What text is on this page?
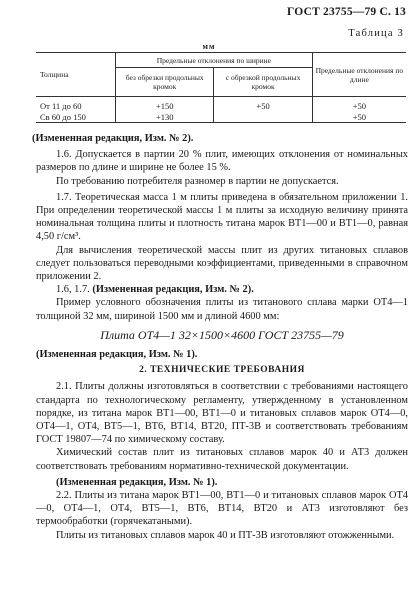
ГОСТ 23755—79 С. 13
Таблица 3
мм
Толщина	Предельные отклонения по ширине		Предельные отклонения по длине
	без обрезки продольных кромок	с обрезкой продольных кромок	
От 11 до 60	+150	+50	+50
Св 60 до 150	+130		+50

(Измененная редакция, Изм. № 2).

1.6. Допускается в партии 20 % плит, имеющих отклонения от номинальных размеров по длине и ширине не более 15 %.

По требованию потребителя разномер в партии не допускается.

1.7. Теоретическая масса 1 м плиты приведена в обязательном приложении 1. При определении теоретической массы 1 м плиты за исходную величину принята номинальная толщина плиты и плотность титана марок ВТ1—00 и ВТ1—0, равная 4,50 г/см³.

Для вычисления теоретической массы плит из других титановых сплавов следует пользоваться переводными коэффициентами, приведенными в справочном приложении 2.

1.6, 1.7. (Измененная редакция, Изм. № 2).

Пример условного обозначения плиты из титанового сплава марки ОТ4—1 толщиной 32 мм, шириной 1500 мм и длиной 4600 мм:

Плита ОТ4—1 32×1500×4600 ГОСТ 23755—79

(Измененная редакция, Изм. № 1).

2. ТЕХНИЧЕСКИЕ ТРЕБОВАНИЯ

2.1. Плиты должны изготовляться в соответствии с требованиями настоящего стандарта по технологическому регламенту, утвержденному в установленном порядке, из титана марок ВТ1—00, ВТ1—0 и титановых сплавов марок ОТ4—0, ОТ4—1, ОТ4, ВТ5—1, ВТ6, ВТ14, ВТ20, ПТ-3В и соответствовать требованиям ГОСТ 19807—74 по химическому составу.

Химический состав плит из титановых сплавов марок 40 и АТ3 должен соответствовать требованиям нормативно-технической документации.

(Измененная редакция, Изм. № 1).

2.2. Плиты из титана марок ВТ1—00, ВТ1—0 и титановых сплавов марок ОТ4—0, ОТ4—1, ОТ4, ВТ5—1, ВТ6, ВТ14, ВТ20 и АТ3 изготовляют без термообработки (горячекатаными).

Плиты из титановых сплавов марок 40 и ПТ-3В изготовляют отожженными.
